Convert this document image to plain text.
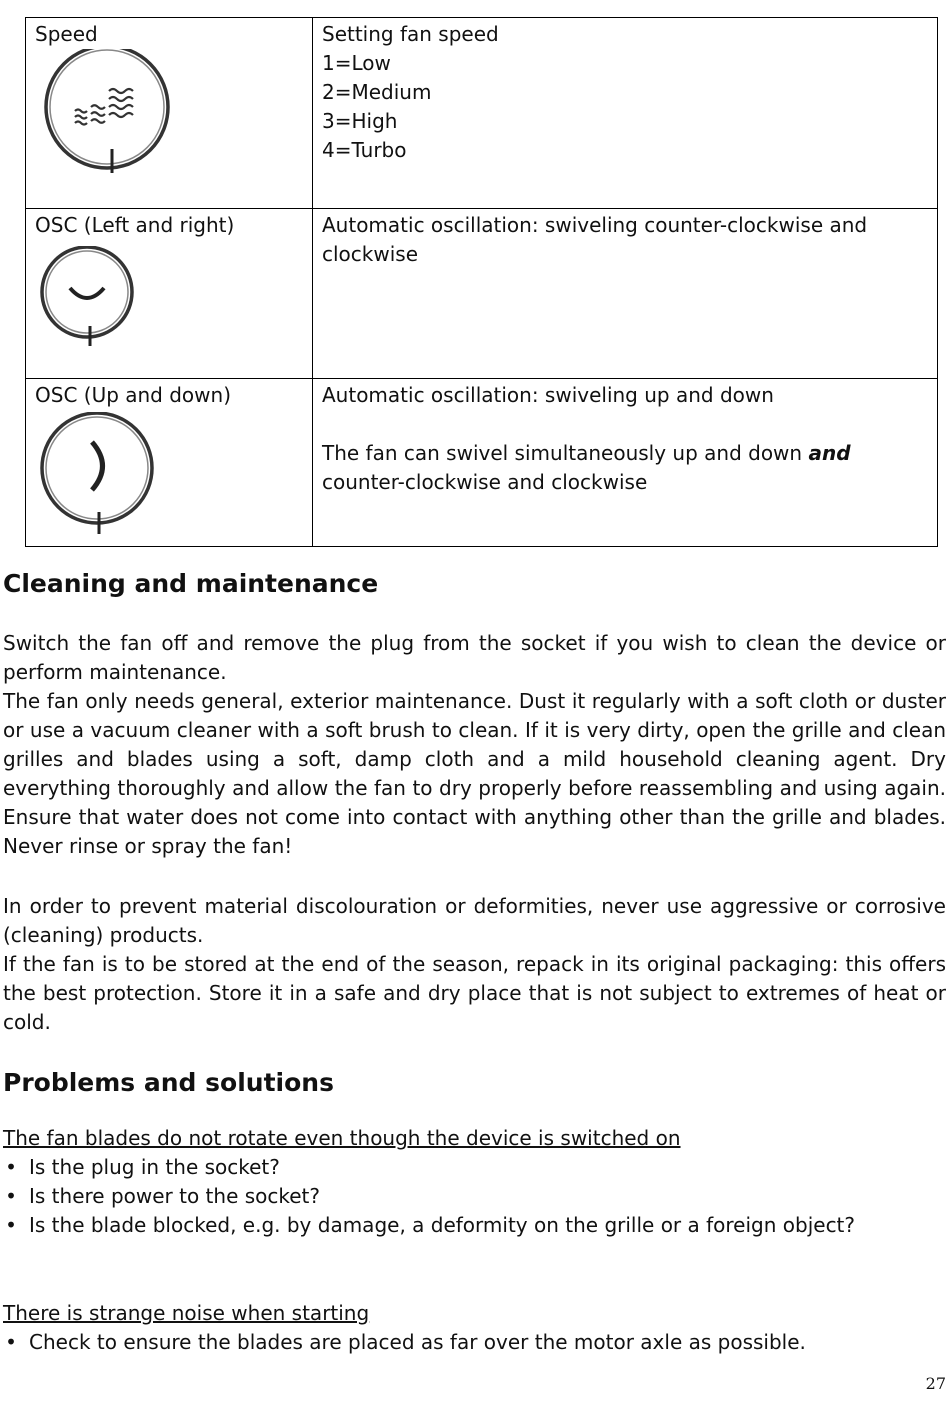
Speed	Setting fan speed
1=Low
2=Medium
3=High
4=Turbo

OSC (Left and right)	Automatic oscillation: swiveling counter-clockwise and clockwise

OSC (Up and down)	Automatic oscillation: swiveling up and down
The fan can swivel simultaneously up and down and counter-clockwise and clockwise
Cleaning and maintenance

Switch the fan off and remove the plug from the socket if you wish to clean the device or perform maintenance.

The fan only needs general, exterior maintenance. Dust it regularly with a soft cloth or duster or use a vacuum cleaner with a soft brush to clean. If it is very dirty, open the grille and clean grilles and blades using a soft, damp cloth and a mild household cleaning agent. Dry everything thoroughly and allow the fan to dry properly before reassembling and using again. Ensure that water does not come into contact with anything other than the grille and blades. Never rinse or spray the fan!

In order to prevent material discolouration or deformities, never use aggressive or corrosive (cleaning) products.

If the fan is to be stored at the end of the season, repack in its original packaging: this offers the best protection. Store it in a safe and dry place that is not subject to extremes of heat or cold.

Problems and solutions

The fan blades do not rotate even though the device is switched on

• Is the plug in the socket?
• Is there power to the socket?
• Is the blade blocked, e.g. by damage, a deformity on the grille or a foreign object?

There is strange noise when starting

• Check to ensure the blades are placed as far over the motor axle as possible.
27
